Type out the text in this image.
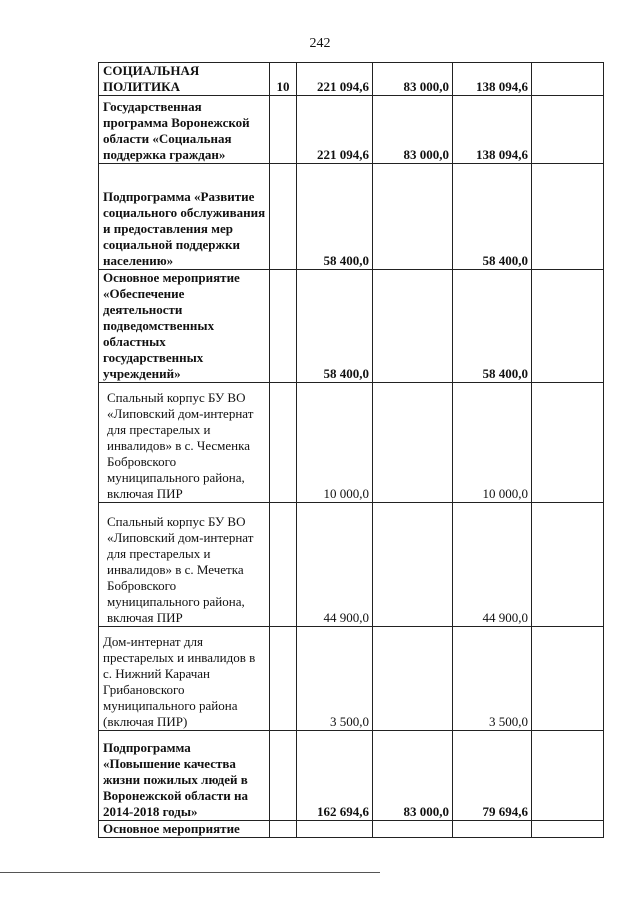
242
СОЦИАЛЬНАЯ ПОЛИТИКА	10	221 094,6	83 000,0	138 094,6	
Государственная программа Воронежской области «Социальная поддержка граждан»		221 094,6	83 000,0	138 094,6	
Подпрограмма «Развитие социального обслуживания и предоставления мер социальной поддержки населению»		58 400,0		58 400,0	
Основное мероприятие «Обеспечение деятельности подведомственных областных государственных учреждений»		58 400,0		58 400,0	
Спальный корпус БУ ВО «Липовский дом-интернат для престарелых и инвалидов» в с. Чесменка Бобровского муниципального района, включая ПИР		10 000,0		10 000,0	
Спальный корпус БУ ВО «Липовский дом-интернат для престарелых и инвалидов» в с. Мечетка Бобровского муниципального района, включая ПИР		44 900,0		44 900,0	
Дом-интернат для престарелых и инвалидов в с. Нижний Карачан Грибановского муниципального района (включая ПИР)		3 500,0		3 500,0	
Подпрограмма «Повышение качества жизни пожилых людей в Воронежской области на 2014-2018 годы»		162 694,6	83 000,0	79 694,6	
Основное мероприятие					
